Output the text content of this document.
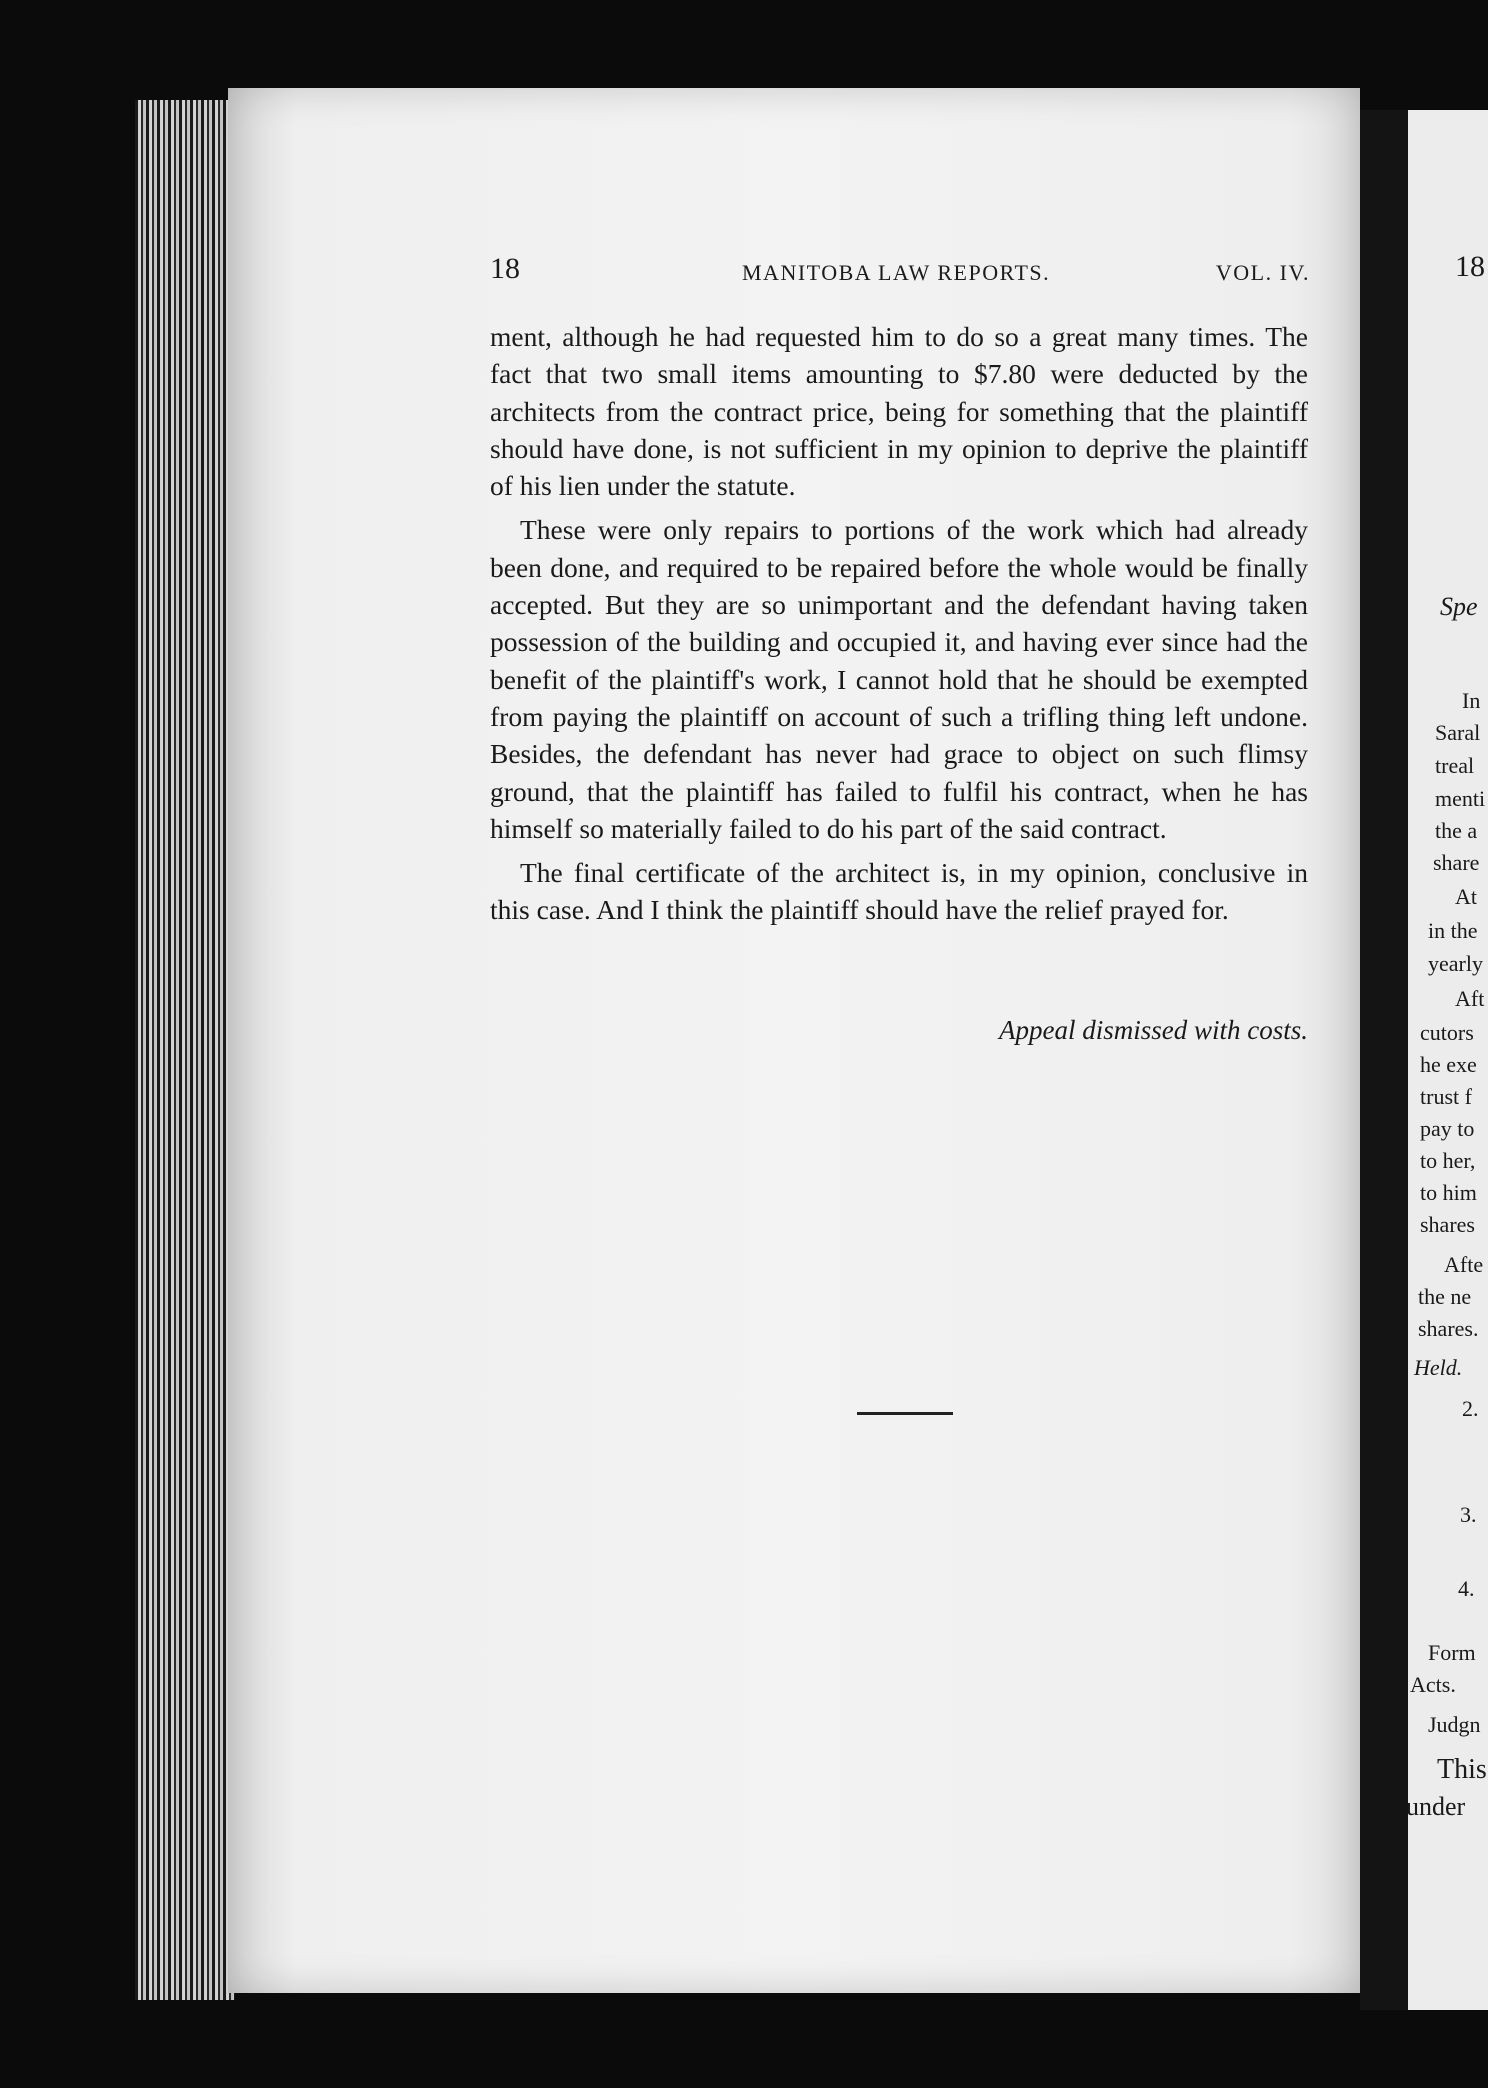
18	MANITOBA LAW REPORTS.	VOL. IV.

ment, although he had requested him to do so a great many times. The fact that two small items amounting to $7.80 were deducted by the architects from the contract price, being for something that the plaintiff should have done, is not sufficient in my opinion to deprive the plaintiff of his lien under the statute.

These were only repairs to portions of the work which had already been done, and required to be repaired before the whole would be finally accepted. But they are so unimportant and the defendant having taken possession of the building and occupied it, and having ever since had the benefit of the plaintiff's work, I cannot hold that he should be exempted from paying the plaintiff on account of such a trifling thing left undone. Besides, the defendant has never had grace to object on such flimsy ground, that the plaintiff has failed to fulfil his contract, when he has himself so materially failed to do his part of the said contract.

The final certificate of the architect is, in my opinion, conclusive in this case. And I think the plaintiff should have the relief prayed for.

Appeal dismissed with costs.
18
Spe
In
Saral
treal
menti
the a
share
At
in the
yearly
Aft
cutors
he exe
trust f
pay to
to her,
to him
shares
Afte
the ne
shares.
Held.
2.
3.
4.
Form
Acts.
Judgn
This
under
